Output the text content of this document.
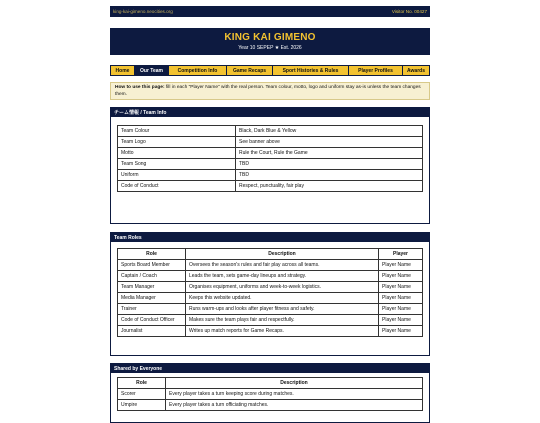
king-kai-gimeno.neocities.org	Visitor No. 00427
KING KAI GIMENO
Year 10 SEPEP ★ Est. 2026
Home	Our Team	Competition Info	Game Recaps	Sport Histories & Rules	Player Profiles	Awards
How to use this page: fill in each "Player Name" with the real person. Team colour, motto, logo and uniform stay as-is unless the team changes them.
チーム情報 / Team Info
Team Colour	Black, Dark Blue & Yellow
Team Logo	See banner above
Motto	Rule the Court, Rule the Game
Team Song	TBD
Uniform	TBD
Code of Conduct	Respect, punctuality, fair play
Team Roles
Role	Description	Player
Sports Board Member	Oversees the season's rules and fair play across all teams.	Player Name
Captain / Coach	Leads the team, sets game-day lineups and strategy.	Player Name
Team Manager	Organises equipment, uniforms and week-to-week logistics.	Player Name
Media Manager	Keeps this website updated.	Player Name
Trainer	Runs warm-ups and looks after player fitness and safety.	Player Name
Code of Conduct Officer	Makes sure the team plays fair and respectfully.	Player Name
Journalist	Writes up match reports for Game Recaps.	Player Name
Shared by Everyone
Role	Description
Scorer	Every player takes a turn keeping score during matches.
Umpire	Every player takes a turn officiating matches.
